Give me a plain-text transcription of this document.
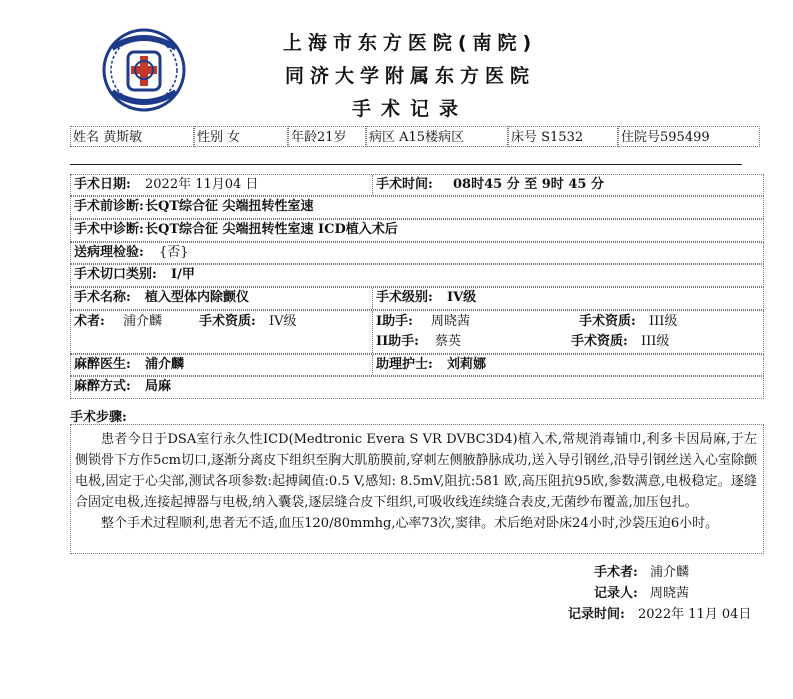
上海市东方医院(南院)
同济大学附属东方医院
手术记录
姓名 黄斯敏	性别 女	年龄21岁	病区 A15楼病区	床号 S1532	住院号595499
手术日期: 2022年 11月04 日	手术时间: 08时45 分 至 9时 45 分
手术前诊断: 长QT综合征 尖端扭转性室速
手术中诊断: 长QT综合征 尖端扭转性室速 ICD植入术后
送病理检验: {否}
手术切口类别: I/甲
手术名称: 植入型体内除颤仪	手术级别: IV级
术者: 浦介麟	手术资质: IV级	I助手: 周晓茜	手术资质: III级
II助手: 蔡英	手术资质: III级
麻醉医生: 浦介麟	助理护士: 刘莉娜
麻醉方式: 局麻
手术步骤:

患者今日于DSA室行永久性ICD(Medtronic Evera S VR DVBC3D4)植入术,常规消毒铺巾,利多卡因局麻,于左侧锁骨下方作5cm切口,逐渐分离皮下组织至胸大肌筋膜前,穿刺左侧腋静脉成功,送入导引钢丝,沿导引钢丝送入心室除颤电极,固定于心尖部,测试各项参数:起搏阈值:0.5 V,感知: 8.5mV,阻抗:581 欧,高压阻抗95欧,参数满意,电极稳定。逐缝合固定电极,连接起搏器与电极,纳入囊袋,逐层缝合皮下组织,可吸收线连续缝合表皮,无菌纱布覆盖,加压包扎。

整个手术过程顺利,患者无不适,血压120/80mmhg,心率73次,窦律。术后绝对卧床24小时,沙袋压迫6小时。

手术者: 浦介麟
记录人: 周晓茜
记录时间: 2022年 11月 04日
